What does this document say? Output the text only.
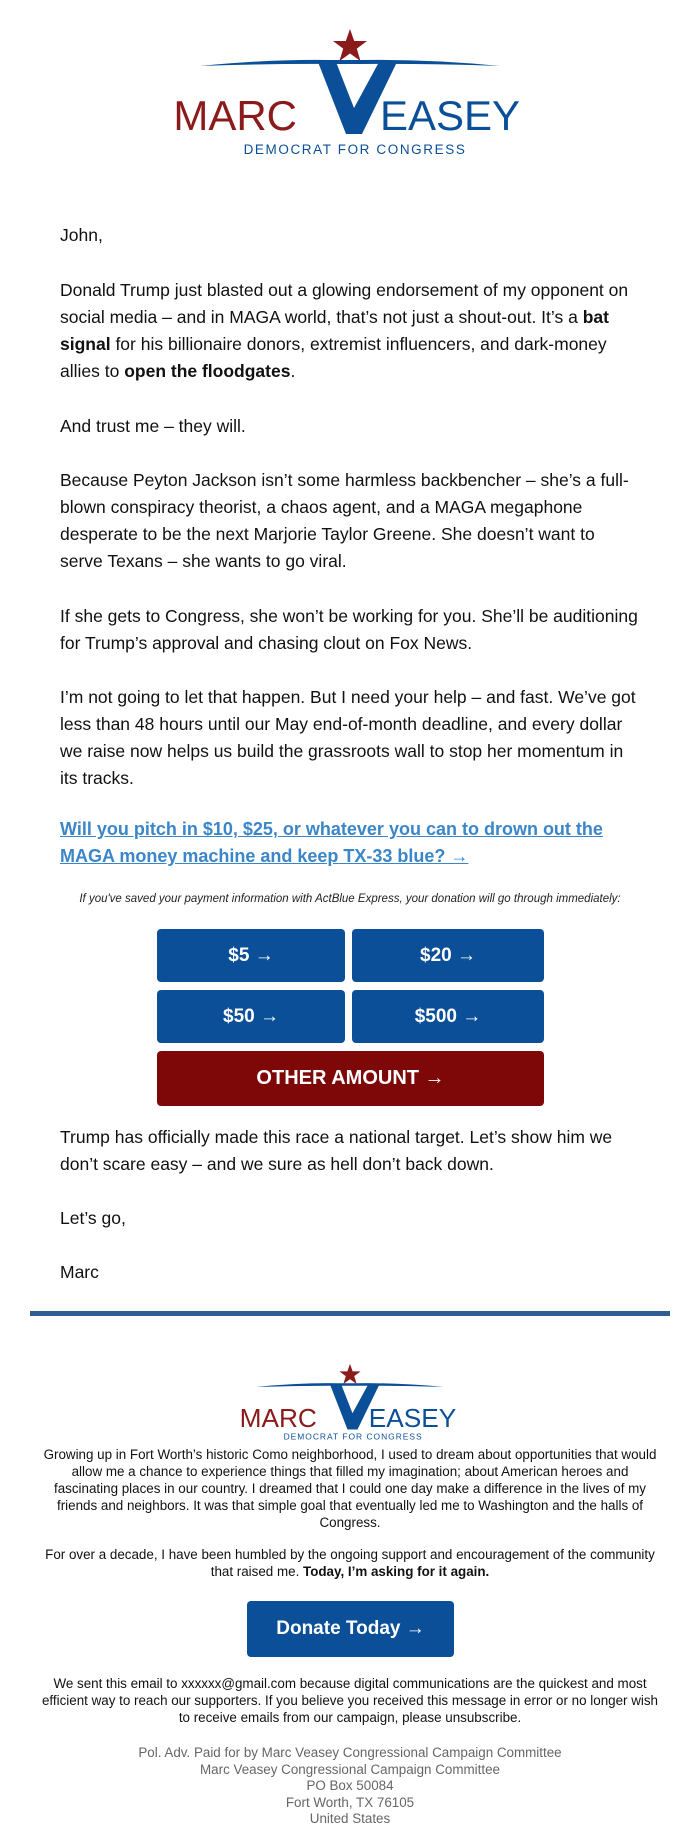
MARC EASEY
DEMOCRAT FOR CONGRESS

John,

Donald Trump just blasted out a glowing endorsement of my opponent on social media – and in MAGA world, that’s not just a shout-out. It’s a bat signal for his billionaire donors, extremist influencers, and dark-money allies to open the floodgates.

And trust me – they will.

Because Peyton Jackson isn’t some harmless backbencher – she’s a full-blown conspiracy theorist, a chaos agent, and a MAGA megaphone desperate to be the next Marjorie Taylor Greene. She doesn’t want to serve Texans – she wants to go viral.

If she gets to Congress, she won’t be working for you. She’ll be auditioning for Trump’s approval and chasing clout on Fox News.

I’m not going to let that happen. But I need your help – and fast. We’ve got less than 48 hours until our May end-of-month deadline, and every dollar we raise now helps us build the grassroots wall to stop her momentum in its tracks.

Will you pitch in $10, $25, or whatever you can to drown out the MAGA money machine and keep TX-33 blue? →
If you've saved your payment information with ActBlue Express, your donation will go through immediately:
$5 →	$20 →
$50 →	$500 →
OTHER AMOUNT →

Trump has officially made this race a national target. Let’s show him we don’t scare easy – and we sure as hell don’t back down.

Let’s go,

Marc

MARC EASEY
DEMOCRAT FOR CONGRESS

Growing up in Fort Worth’s historic Como neighborhood, I used to dream about opportunities that would allow me a chance to experience things that filled my imagination; about American heroes and fascinating places in our country. I dreamed that I could one day make a difference in the lives of my friends and neighbors. It was that simple goal that eventually led me to Washington and the halls of Congress.

For over a decade, I have been humbled by the ongoing support and encouragement of the community that raised me. Today, I’m asking for it again.

Donate Today →

We sent this email to xxxxxx@gmail.com because digital communications are the quickest and most efficient way to reach our supporters. If you believe you received this message in error or no longer wish to receive emails from our campaign, please unsubscribe.

Pol. Adv. Paid for by Marc Veasey Congressional Campaign Committee
Marc Veasey Congressional Campaign Committee
PO Box 50084
Fort Worth, TX 76105
United States
